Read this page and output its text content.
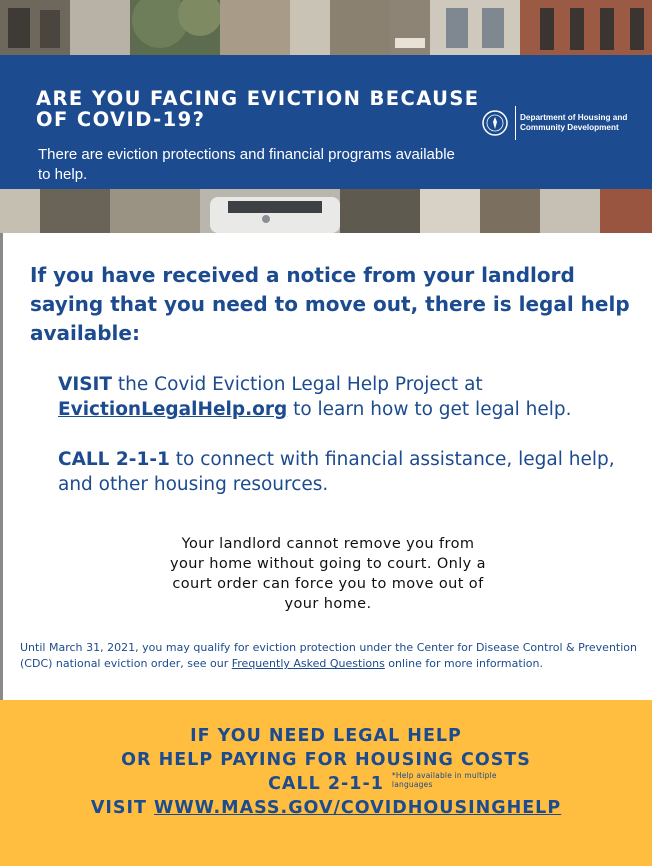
ARE YOU FACING EVICTION BECAUSE OF COVID-19?

There are eviction protections and financial programs available to help.

Department of Housing and Community Development

If you have received a notice from your landlord saying that you need to move out, there is legal help available:

VISIT the Covid Eviction Legal Help Project at EvictionLegalHelp.org to learn how to get legal help.

CALL 2-1-1 to connect with financial assistance, legal help, and other housing resources.

Your landlord cannot remove you from your home without going to court. Only a court order can force you to move out of your home.

Until March 31, 2021, you may qualify for eviction protection under the Center for Disease Control & Prevention (CDC) national eviction order, see our Frequently Asked Questions online for more information.

IF YOU NEED LEGAL HELP

OR HELP PAYING FOR HOUSING COSTS

CALL 2-1-1 *Help available in multiple languages

VISIT WWW.MASS.GOV/COVIDHOUSINGHELP
